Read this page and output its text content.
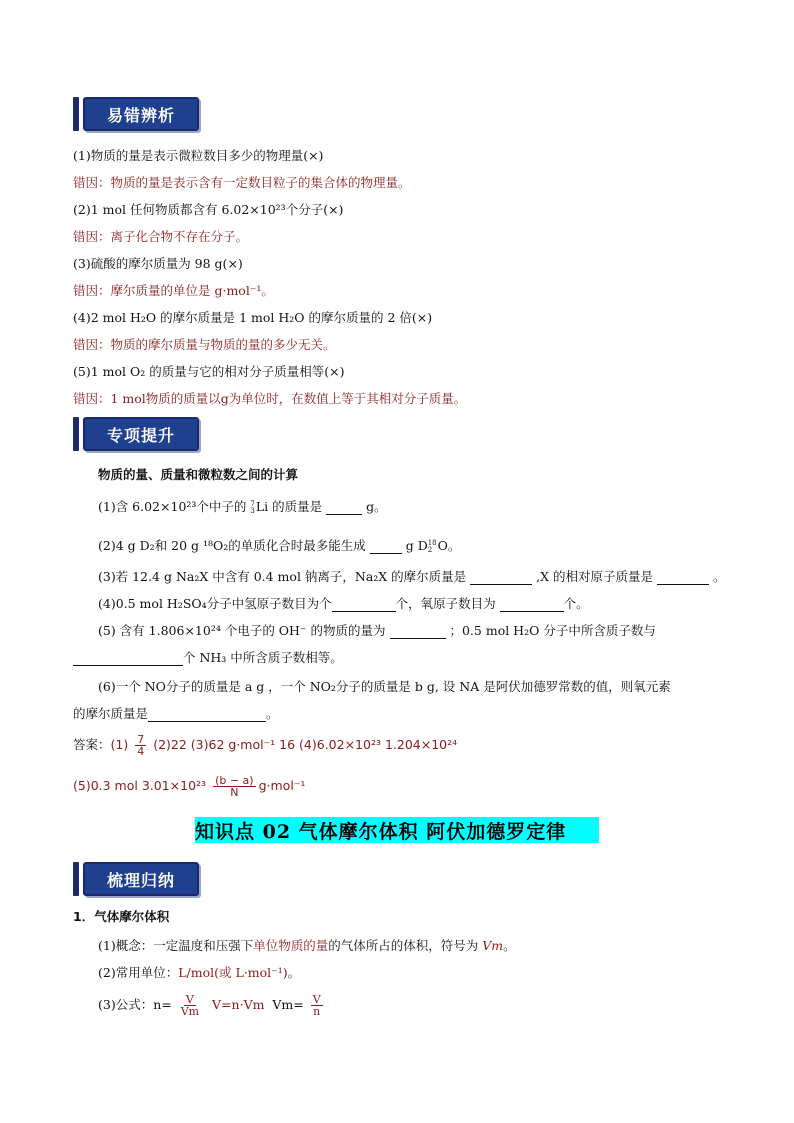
易错辨析
(1)物质的量是表示微粒数目多少的物理量(×)
错因：物质的量是表示含有一定数目粒子的集合体的物理量。
(2)1 mol 任何物质都含有 6.02×10²³个分子(×)
错因：离子化合物不存在分子。
(3)硫酸的摩尔质量为 98 g(×)
错因：摩尔质量的单位是 g·mol⁻¹。
(4)2 mol H₂O 的摩尔质量是 1 mol H₂O 的摩尔质量的 2 倍(×)
错因：物质的摩尔质量与物质的量的多少无关。
(5)1 mol O₂ 的质量与它的相对分子质量相等(×)
错因：1 mol物质的质量以g为单位时，在数值上等于其相对分子质量。
专项提升
物质的量、质量和微粒数之间的计算
(1)含 6.02×10²³个中子的 7
3 Li 的质量是	g。
(2)4 g D₂和 20 g ¹⁸O₂的单质化合时最多能生成	g D 18
2 O。
(3)若 12.4 g Na₂X 中含有 0.4 mol 钠离子，Na₂X 的摩尔质量是	,X 的相对原子质量是	。
(4)0.5 mol H₂SO₄分子中氢原子数目为个	个，氧原子数目为	个。
(5) 含有 1.806×10²⁴ 个电子的 OH⁻ 的物质的量为	；0.5 mol H₂O 分子中所含质子数与
个 NH₃ 中所含质子数相等。
(6)一个 NO分子的质量是 a g ，一个 NO₂分子的质量是 b g, 设 NA 是阿伏加德罗常数的值，则氧元素
的摩尔质量是	。
答案：$(1) \frac{7}{4} (2)22$ (3)62 g·mol⁻¹ 16 (4)6.02×10²³ 1.204×10²⁴
(5)0.3 mol $3.01\times 10^{23} \frac{(b - a)}{N} g\cdot mol^{-1}$
知识点 02 气体摩尔体积 阿伏加德罗定律
梳理归纳
1．气体摩尔体积
(1)概念：一定温度和压强下单位物质的量的气体所占的体积，符号为 Vm。
(2)常用单位：L/mol(或 L·mol⁻¹)。
(3)公式：$n= \frac{V}{Vm} V=n\cdot Vm$ $Vm= \frac{V}{n}$
